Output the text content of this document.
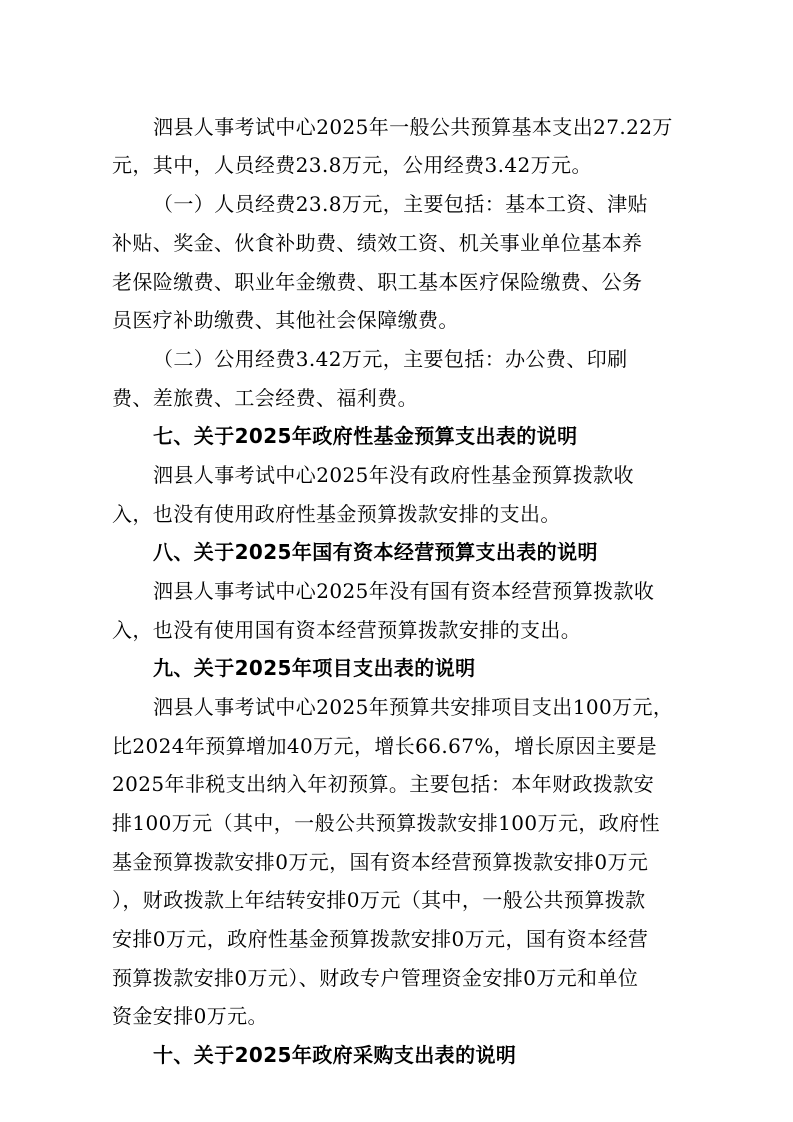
泗县人事考试中心2025年一般公共预算基本支出27.22万
元，其中，人员经费23.8万元，公用经费3.42万元。
（一）人员经费23.8万元，主要包括：基本工资、津贴
补贴、奖金、伙食补助费、绩效工资、机关事业单位基本养
老保险缴费、职业年金缴费、职工基本医疗保险缴费、公务
员医疗补助缴费、其他社会保障缴费。
（二）公用经费3.42万元，主要包括：办公费、印刷
费、差旅费、工会经费、福利费。
七、关于2025年政府性基金预算支出表的说明
泗县人事考试中心2025年没有政府性基金预算拨款收
入，也没有使用政府性基金预算拨款安排的支出。
八、关于2025年国有资本经营预算支出表的说明
泗县人事考试中心2025年没有国有资本经营预算拨款收
入，也没有使用国有资本经营预算拨款安排的支出。
九、关于2025年项目支出表的说明
泗县人事考试中心2025年预算共安排项目支出100万元，
比2024年预算增加40万元，增长66.67%，增长原因主要是
2025年非税支出纳入年初预算。主要包括：本年财政拨款安
排100万元（其中，一般公共预算拨款安排100万元，政府性
基金预算拨款安排0万元，国有资本经营预算拨款安排0万元
），财政拨款上年结转安排0万元（其中，一般公共预算拨款
安排0万元，政府性基金预算拨款安排0万元，国有资本经营
预算拨款安排0万元）、财政专户管理资金安排0万元和单位
资金安排0万元。
十、关于2025年政府采购支出表的说明
